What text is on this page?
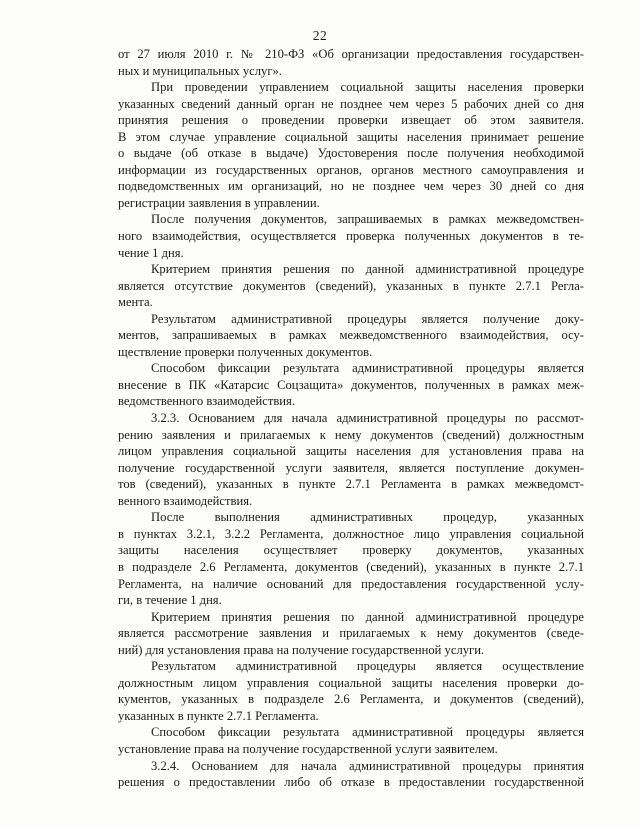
22
от 27 июля 2010 г. № 210-ФЗ «Об организации предоставления государствен-
ных и муниципальных услуг».
При проведении управлением социальной защиты населения проверки
указанных сведений данный орган не позднее чем через 5 рабочих дней со дня
принятия решения о проведении проверки извещает об этом заявителя.
В этом случае управление социальной защиты населения принимает решение
о выдаче (об отказе в выдаче) Удостоверения после получения необходимой
информации из государственных органов, органов местного самоуправления и
подведомственных им организаций, но не позднее чем через 30 дней со дня
регистрации заявления в управлении.
После получения документов, запрашиваемых в рамках межведомствен-
ного взаимодействия, осуществляется проверка полученных документов в те-
чение 1 дня.
Критерием принятия решения по данной административной процедуре
является отсутствие документов (сведений), указанных в пункте 2.7.1 Регла-
мента.
Результатом административной процедуры является получение доку-
ментов, запрашиваемых в рамках межведомственного взаимодействия, осу-
ществление проверки полученных документов.
Способом фиксации результата административной процедуры является
внесение в ПК «Катарсис Соцзащита» документов, полученных в рамках меж-
ведомственного взаимодействия.
3.2.3. Основанием для начала административной процедуры по рассмот-
рению заявления и прилагаемых к нему документов (сведений) должностным
лицом управления социальной защиты населения для установления права на
получение государственной услуги заявителя, является поступление докумен-
тов (сведений), указанных в пункте 2.7.1 Регламента в рамках межведомст-
венного взаимодействия.
После выполнения административных процедур, указанных
в пунктах 3.2.1, 3.2.2 Регламента, должностное лицо управления социальной
защиты населения осуществляет проверку документов, указанных
в подразделе 2.6 Регламента, документов (сведений), указанных в пункте 2.7.1
Регламента, на наличие оснований для предоставления государственной услу-
ги, в течение 1 дня.
Критерием принятия решения по данной административной процедуре
является рассмотрение заявления и прилагаемых к нему документов (сведе-
ний) для установления права на получение государственной услуги.
Результатом административной процедуры является осуществление
должностным лицом управления социальной защиты населения проверки до-
кументов, указанных в подразделе 2.6 Регламента, и документов (сведений),
указанных в пункте 2.7.1 Регламента.
Способом фиксации результата административной процедуры является
установление права на получение государственной услуги заявителем.
3.2.4. Основанием для начала административной процедуры принятия
решения о предоставлении либо об отказе в предоставлении государственной
